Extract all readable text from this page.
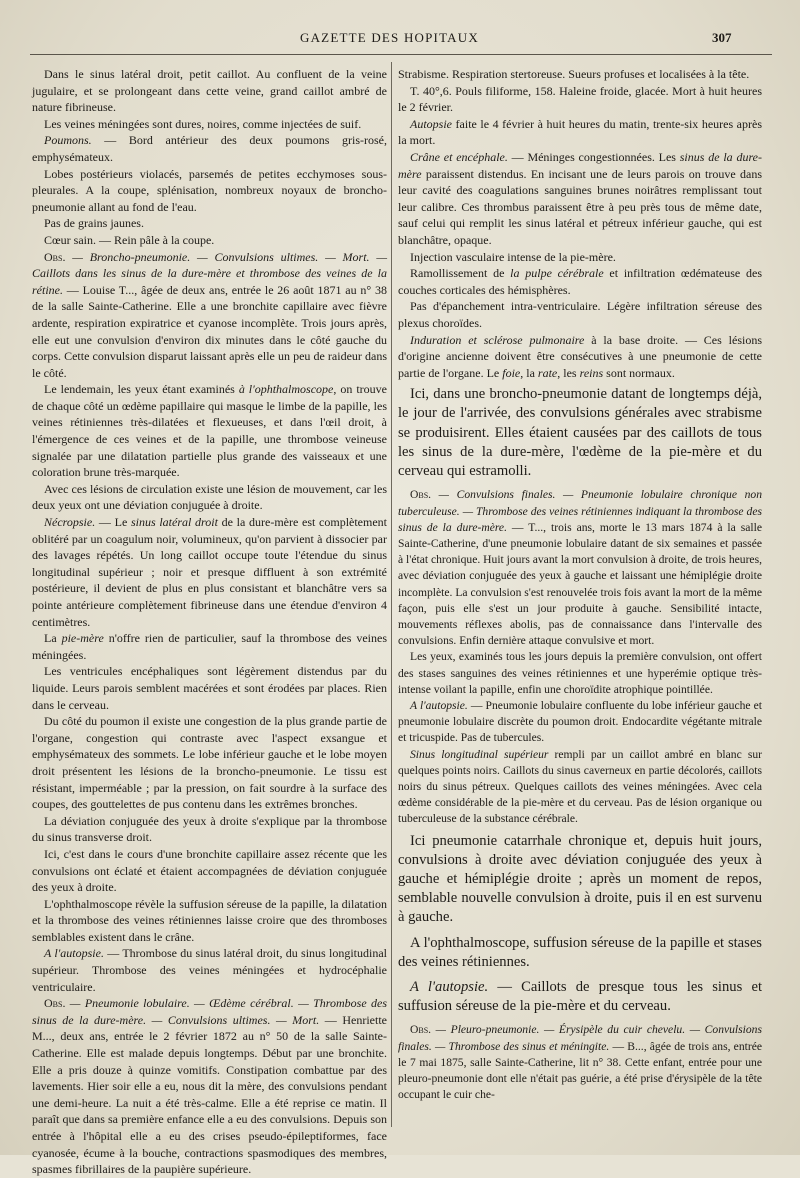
GAZETTE DES HOPITAUX	307

Dans le sinus latéral droit, petit caillot. Au confluent de la veine jugulaire, et se prolongeant dans cette veine, grand caillot ambré de nature fibrineuse.

Les veines méningées sont dures, noires, comme injectées de suif.

Poumons. — Bord antérieur des deux poumons gris-rosé, emphysémateux.

Lobes postérieurs violacés, parsemés de petites ecchymoses sous-pleurales. A la coupe, splénisation, nombreux noyaux de broncho-pneumonie allant au fond de l'eau.

Pas de grains jaunes.

Cœur sain. — Rein pâle à la coupe.

Obs. — Broncho-pneumonie. — Convulsions ultimes. — Mort. — Caillots dans les sinus de la dure-mère et thrombose des veines de la rétine. — Louise T..., âgée de deux ans, entrée le 26 août 1871 au n° 38 de la salle Sainte-Catherine. Elle a une bronchite capillaire avec fièvre ardente, respiration expiratrice et cyanose incomplète. Trois jours après, elle eut une convulsion d'environ dix minutes dans le côté gauche du corps. Cette convulsion disparut laissant après elle un peu de raideur dans le côté.

Le lendemain, les yeux étant examinés à l'ophthalmoscope, on trouve de chaque côté un œdème papillaire qui masque le limbe de la papille, les veines rétiniennes très-dilatées et flexueuses, et dans l'œil droit, à l'émergence de ces veines et de la papille, une thrombose veineuse signalée par une dilatation partielle plus grande des vaisseaux et une coloration brune très-marquée.

Avec ces lésions de circulation existe une lésion de mouvement, car les deux yeux ont une déviation conjuguée à droite.

Nécropsie. — Le sinus latéral droit de la dure-mère est complètement oblitéré par un coagulum noir, volumineux, qu'on parvient à dissocier par des lavages répétés. Un long caillot occupe toute l'étendue du sinus longitudinal supérieur ; noir et presque diffluent à son extrémité postérieure, il devient de plus en plus consistant et blanchâtre vers sa pointe antérieure complètement fibrineuse dans une étendue d'environ 4 centimètres.

La pie-mère n'offre rien de particulier, sauf la thrombose des veines méningées.

Les ventricules encéphaliques sont légèrement distendus par du liquide. Leurs parois semblent macérées et sont érodées par places. Rien dans le cerveau.

Du côté du poumon il existe une congestion de la plus grande partie de l'organe, congestion qui contraste avec l'aspect exsangue et emphysémateux des sommets. Le lobe inférieur gauche et le lobe moyen droit présentent les lésions de la broncho-pneumonie. Le tissu est résistant, imperméable ; par la pression, on fait sourdre à la surface des coupes, des gouttelettes de pus contenu dans les extrêmes bronches.

La déviation conjuguée des yeux à droite s'explique par la thrombose du sinus transverse droit.

Ici, c'est dans le cours d'une bronchite capillaire assez récente que les convulsions ont éclaté et étaient accompagnées de déviation conjuguée des yeux à droite.

L'ophthalmoscope révèle la suffusion séreuse de la papille, la dilatation et la thrombose des veines rétiniennes laisse croire que des thromboses semblables existent dans le crâne.

A l'autopsie. — Thrombose du sinus latéral droit, du sinus longitudinal supérieur. Thrombose des veines méningées et hydrocéphalie ventriculaire.

Obs. — Pneumonie lobulaire. — Œdème cérébral. — Thrombose des sinus de la dure-mère. — Convulsions ultimes. — Mort. — Henriette M..., deux ans, entrée le 2 février 1872 au n° 50 de la salle Sainte-Catherine. Elle est malade depuis longtemps. Début par une bronchite. Elle a pris douze à quinze vomitifs. Constipation combattue par des lavements. Hier soir elle a eu, nous dit la mère, des convulsions pendant une demi-heure. La nuit a été très-calme. Elle a été reprise ce matin. Il paraît que dans sa première enfance elle a eu des convulsions. Depuis son entrée à l'hôpital elle a eu des crises pseudo-épileptiformes, face cyanosée, écume à la bouche, contractions spasmodiques des membres, spasmes fibrillaires de la paupière supérieure.

Strabisme. Respiration stertoreuse. Sueurs profuses et localisées à la tête.

T. 40°,6. Pouls filiforme, 158. Haleine froide, glacée. Mort à huit heures le 2 février.

Autopsie faite le 4 février à huit heures du matin, trente-six heures après la mort.

Crâne et encéphale. — Méninges congestionnées. Les sinus de la dure-mère paraissent distendus. En incisant une de leurs parois on trouve dans leur cavité des coagulations sanguines brunes noirâtres remplissant tout leur calibre. Ces thrombus paraissent être à peu près tous de même date, sauf celui qui remplit les sinus latéral et pétreux inférieur gauche, qui est blanchâtre, opaque.

Injection vasculaire intense de la pie-mère.

Ramollissement de la pulpe cérébrale et infiltration œdémateuse des couches corticales des hémisphères.

Pas d'épanchement intra-ventriculaire. Légère infiltration séreuse des plexus choroïdes.

Induration et sclérose pulmonaire à la base droite. — Ces lésions d'origine ancienne doivent être consécutives à une pneumonie de cette partie de l'organe. Le foie, la rate, les reins sont normaux.

Ici, dans une broncho-pneumonie datant de longtemps déjà, le jour de l'arrivée, des convulsions générales avec strabisme se produisirent. Elles étaient causées par des caillots de tous les sinus de la dure-mère, l'œdème de la pie-mère et du cerveau qui estramolli.

Obs. — Convulsions finales. — Pneumonie lobulaire chronique non tuberculeuse. — Thrombose des veines rétiniennes indiquant la thrombose des sinus de la dure-mère. — T..., trois ans, morte le 13 mars 1874 à la salle Sainte-Catherine, d'une pneumonie lobulaire datant de six semaines et passée à l'état chronique. Huit jours avant la mort convulsion à droite, de trois heures, avec déviation conjuguée des yeux à gauche et laissant une hémiplégie droite incomplète. La convulsion s'est renouvelée trois fois avant la mort de la même façon, puis elle s'est un jour produite à gauche. Sensibilité intacte, mouvements réflexes abolis, pas de connaissance dans l'intervalle des convulsions. Enfin dernière attaque convulsive et mort.

Les yeux, examinés tous les jours depuis la première convulsion, ont offert des stases sanguines des veines rétiniennes et une hyperémie optique très-intense voilant la papille, enfin une choroïdite atrophique pointillée.

A l'autopsie. — Pneumonie lobulaire confluente du lobe inférieur gauche et pneumonie lobulaire discrète du poumon droit. Endocardite végétante mitrale et tricuspide. Pas de tubercules.

Sinus longitudinal supérieur rempli par un caillot ambré en blanc sur quelques points noirs. Caillots du sinus caverneux en partie décolorés, caillots noirs du sinus pétreux. Quelques caillots des veines méningées. Avec cela œdème considérable de la pie-mère et du cerveau. Pas de lésion organique ou tuberculeuse de la substance cérébrale.

Ici pneumonie catarrhale chronique et, depuis huit jours, convulsions à droite avec déviation conjuguée des yeux à gauche et hémiplégie droite ; après un moment de repos, semblable nouvelle convulsion à droite, puis il en est survenu à gauche.

A l'ophthalmoscope, suffusion séreuse de la papille et stases des veines rétiniennes.

A l'autopsie. — Caillots de presque tous les sinus et suffusion séreuse de la pie-mère et du cerveau.

Obs. — Pleuro-pneumonie. — Érysipèle du cuir chevelu. — Convulsions finales. — Thrombose des sinus et méningite. — B..., âgée de trois ans, entrée le 7 mai 1875, salle Sainte-Catherine, lit n° 38. Cette enfant, entrée pour une pleuro-pneumonie dont elle n'était pas guérie, a été prise d'érysipèle de la tête occupant le cuir che-
